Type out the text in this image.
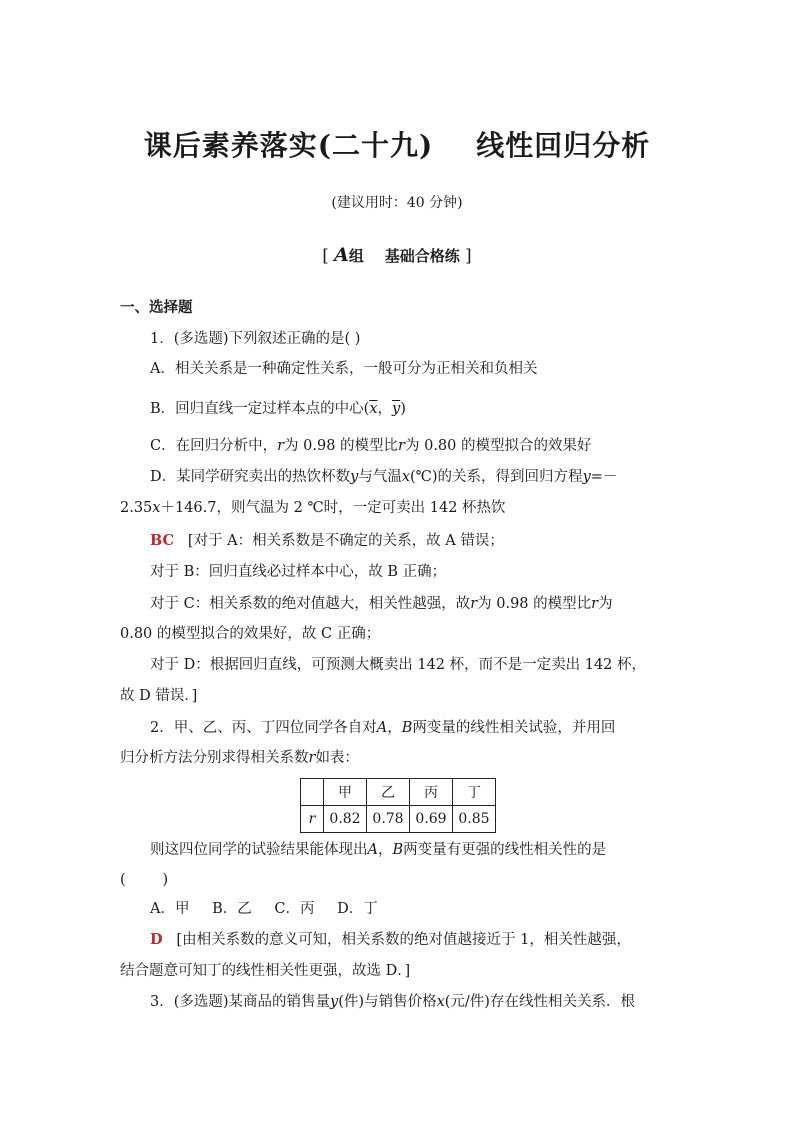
课后素养落实(二十九)    线性回归分析
(建议用时：40 分钟)
[ A组    基础合格练 ]
一、选择题
1．(多选题)下列叙述正确的是( )
A．相关关系是一种确定性关系，一般可分为正相关和负相关
B．回归直线一定过样本点的中心($\overline{x}$，$\overline{y}$)
C．在回归分析中，r为 0.98 的模型比r为 0.80 的模型拟合的效果好
D．某同学研究卖出的热饮杯数y与气温x(℃)的关系，得到回归方程y=－
2.35x＋146.7，则气温为 2 ℃时，一定可卖出 142 杯热饮
BC [对于 A：相关系数是不确定的关系，故 A 错误；
对于 B：回归直线必过样本中心，故 B 正确；
对于 C：相关系数的绝对值越大，相关性越强，故r为 0.98 的模型比r为
0.80 的模型拟合的效果好，故 C 正确；
对于 D：根据回归直线，可预测大概卖出 142 杯，而不是一定卖出 142 杯，
故 D 错误．]
2．甲、乙、丙、丁四位同学各自对A，B两变量的线性相关试验，并用回
归分析方法分别求得相关系数r如表：
	甲	乙	丙	丁
r	0.82	0.78	0.69	0.85
则这四位同学的试验结果能体现出A，B两变量有更强的线性相关性的是
(        )
A．甲 B．乙 C．丙 D．丁
D [由相关系数的意义可知，相关系数的绝对值越接近于 1，相关性越强，
结合题意可知丁的线性相关性更强，故选 D．]
3．(多选题)某商品的销售量y(件)与销售价格x(元/件)存在线性相关关系．根
